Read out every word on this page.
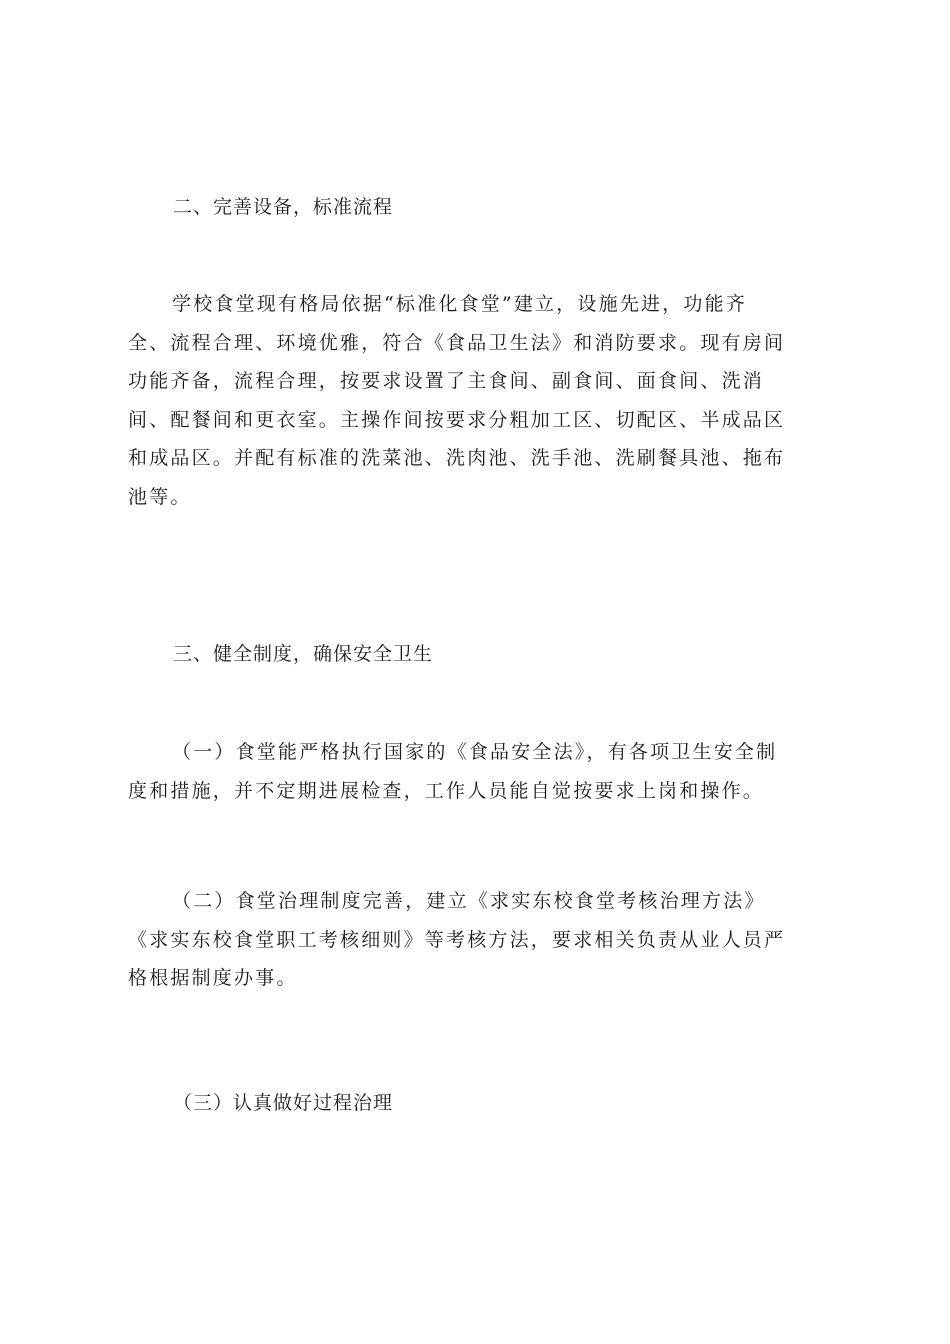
二、完善设备，标准流程
学校食堂现有格局依据“标准化食堂”建立，设施先进，功能齐
全、流程合理、环境优雅，符合《食品卫生法》和消防要求。现有房间
功能齐备，流程合理，按要求设置了主食间、副食间、面食间、洗消
间、配餐间和更衣室。主操作间按要求分粗加工区、切配区、半成品区
和成品区。并配有标准的洗菜池、洗肉池、洗手池、洗刷餐具池、拖布
池等。
三、健全制度，确保安全卫生
（一）食堂能严格执行国家的《食品安全法》，有各项卫生安全制
度和措施，并不定期进展检查，工作人员能自觉按要求上岗和操作。
（二）食堂治理制度完善，建立《求实东校食堂考核治理方法》
《求实东校食堂职工考核细则》等考核方法，要求相关负责从业人员严
格根据制度办事。
（三）认真做好过程治理
